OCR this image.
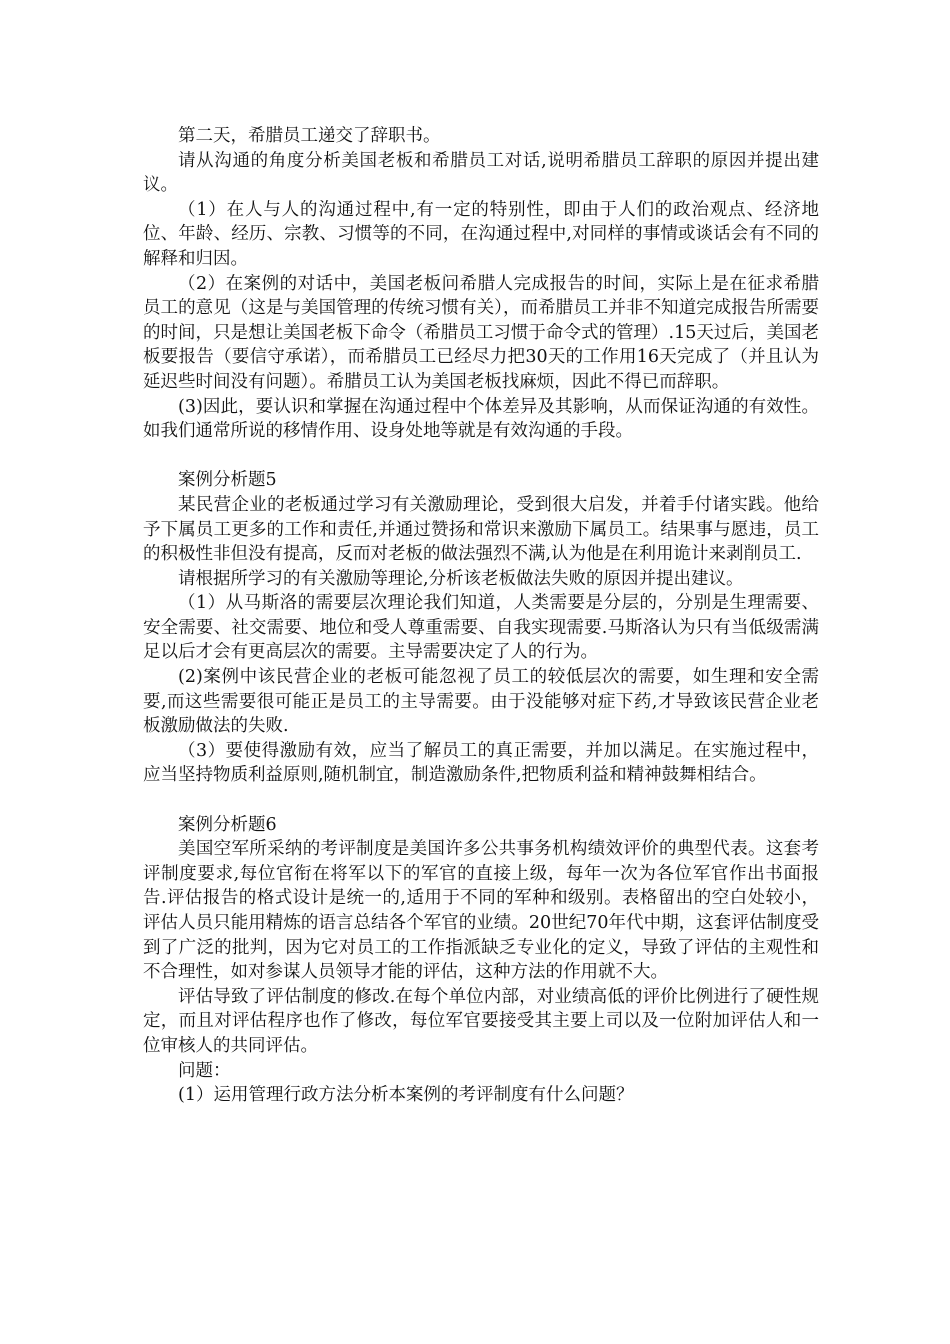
第二天，希腊员工递交了辞职书。

请从沟通的角度分析美国老板和希腊员工对话,说明希腊员工辞职的原因并提出建议。

（1）在人与人的沟通过程中,有一定的特别性，即由于人们的政治观点、经济地位、年龄、经历、宗教、习惯等的不同，在沟通过程中,对同样的事情或谈话会有不同的解释和归因。

（2）在案例的对话中，美国老板问希腊人完成报告的时间，实际上是在征求希腊员工的意见（这是与美国管理的传统习惯有关），而希腊员工并非不知道完成报告所需要的时间，只是想让美国老板下命令（希腊员工习惯于命令式的管理）.15天过后，美国老板要报告（要信守承诺），而希腊员工已经尽力把30天的工作用16天完成了（并且认为延迟些时间没有问题）。希腊员工认为美国老板找麻烦，因此不得已而辞职。

(3)因此，要认识和掌握在沟通过程中个体差异及其影响，从而保证沟通的有效性。如我们通常所说的移情作用、设身处地等就是有效沟通的手段。

案例分析题5

某民营企业的老板通过学习有关激励理论，受到很大启发，并着手付诸实践。他给予下属员工更多的工作和责任,并通过赞扬和常识来激励下属员工。结果事与愿违，员工的积极性非但没有提高，反而对老板的做法强烈不满,认为他是在利用诡计来剥削员工.

请根据所学习的有关激励等理论,分析该老板做法失败的原因并提出建议。

（1）从马斯洛的需要层次理论我们知道，人类需要是分层的，分别是生理需要、安全需要、社交需要、地位和受人尊重需要、自我实现需要.马斯洛认为只有当低级需满足以后才会有更高层次的需要。主导需要决定了人的行为。

(2)案例中该民营企业的老板可能忽视了员工的较低层次的需要，如生理和安全需要,而这些需要很可能正是员工的主导需要。由于没能够对症下药,才导致该民营企业老板激励做法的失败.

（3）要使得激励有效，应当了解员工的真正需要，并加以满足。在实施过程中，应当坚持物质利益原则,随机制宜，制造激励条件,把物质利益和精神鼓舞相结合。

案例分析题6

美国空军所采纳的考评制度是美国许多公共事务机构绩效评价的典型代表。这套考评制度要求,每位官衔在将军以下的军官的直接上级，每年一次为各位军官作出书面报告.评估报告的格式设计是统一的,适用于不同的军种和级别。表格留出的空白处较小，评估人员只能用精炼的语言总结各个军官的业绩。20世纪70年代中期，这套评估制度受到了广泛的批判，因为它对员工的工作指派缺乏专业化的定义，导致了评估的主观性和不合理性，如对参谋人员领导才能的评估，这种方法的作用就不大。

评估导致了评估制度的修改.在每个单位内部，对业绩高低的评价比例进行了硬性规定，而且对评估程序也作了修改，每位军官要接受其主要上司以及一位附加评估人和一位审核人的共同评估。

问题：

(1）运用管理行政方法分析本案例的考评制度有什么问题？
